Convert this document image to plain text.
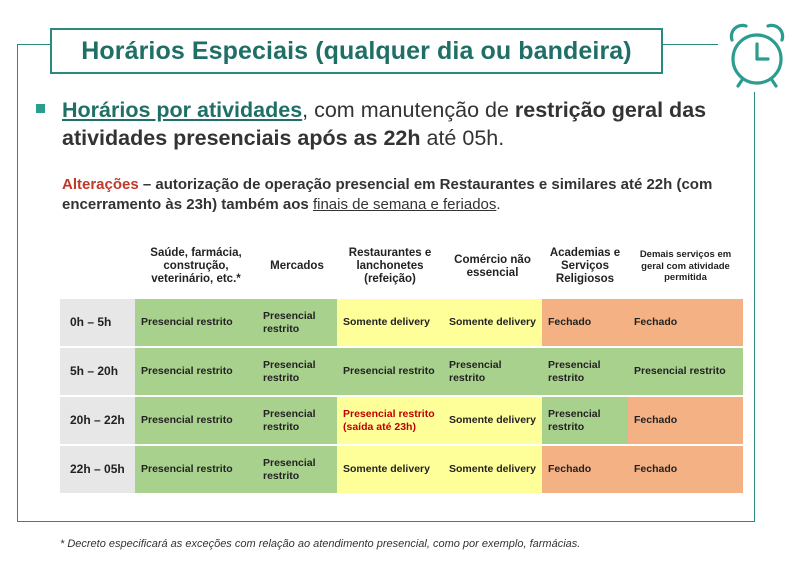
Horários Especiais (qualquer dia ou bandeira)
Horários por atividades, com manutenção de restrição geral das atividades presenciais após as 22h até 05h.
Alterações – autorização de operação presencial em Restaurantes e similares até 22h (com encerramento às 23h) também aos finais de semana e feriados.
	Saúde, farmácia, construção, veterinário, etc.*	Mercados	Restaurantes e lanchonetes (refeição)	Comércio não essencial	Academias e Serviços Religiosos	Demais serviços em geral com atividade permitida
0h – 5h	Presencial restrito	Presencial restrito	Somente delivery	Somente delivery	Fechado	Fechado
5h – 20h	Presencial restrito	Presencial restrito	Presencial restrito	Presencial restrito	Presencial restrito	Presencial restrito
20h – 22h	Presencial restrito	Presencial restrito	Presencial restrito (saída até 23h)	Somente delivery	Presencial restrito	Fechado
22h – 05h	Presencial restrito	Presencial restrito	Somente delivery	Somente delivery	Fechado	Fechado
* Decreto especificará as exceções com relação ao atendimento presencial, como por exemplo, farmácias.
